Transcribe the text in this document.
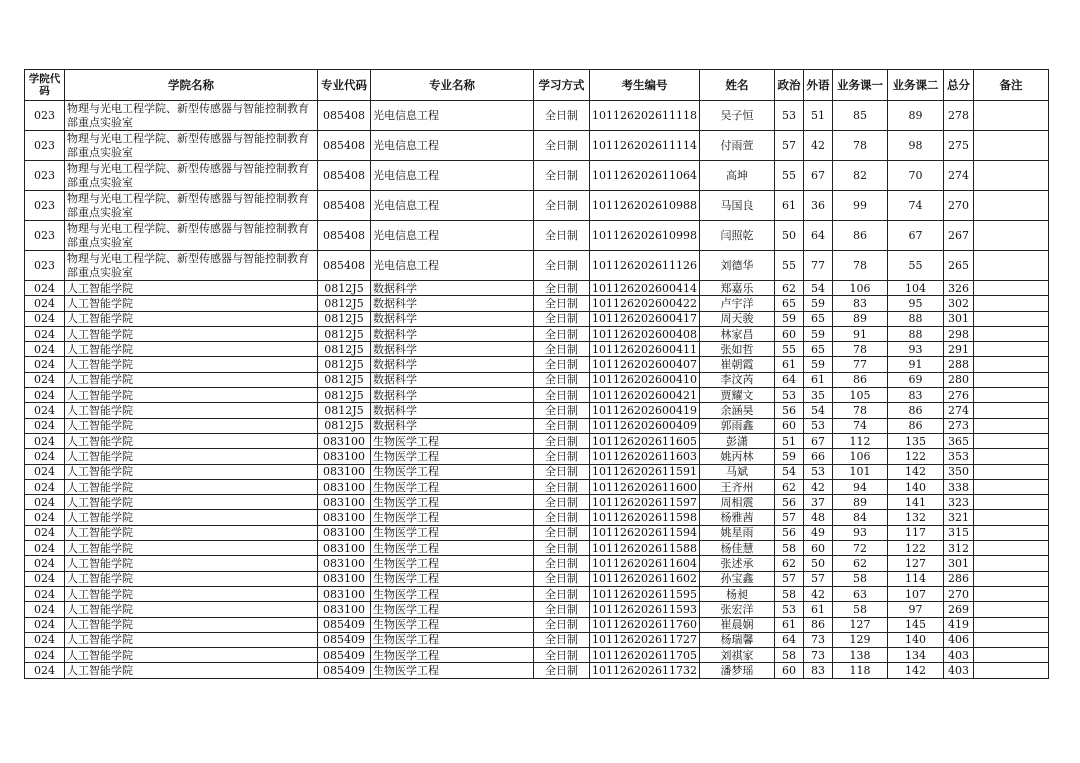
学院代码	学院名称	专业代码	专业名称	学习方式	考生编号	姓名	政治	外语	业务课一	业务课二	总分	备注
023	物理与光电工程学院、新型传感器与智能控制教育部重点实验室	085408	光电信息工程	全日制	101126202611118	吴子恒	53	51	85	89	278	
023	物理与光电工程学院、新型传感器与智能控制教育部重点实验室	085408	光电信息工程	全日制	101126202611114	付雨萱	57	42	78	98	275	
023	物理与光电工程学院、新型传感器与智能控制教育部重点实验室	085408	光电信息工程	全日制	101126202611064	高坤	55	67	82	70	274	
023	物理与光电工程学院、新型传感器与智能控制教育部重点实验室	085408	光电信息工程	全日制	101126202610988	马国良	61	36	99	74	270	
023	物理与光电工程学院、新型传感器与智能控制教育部重点实验室	085408	光电信息工程	全日制	101126202610998	闫照乾	50	64	86	67	267	
023	物理与光电工程学院、新型传感器与智能控制教育部重点实验室	085408	光电信息工程	全日制	101126202611126	刘德华	55	77	78	55	265	
024	人工智能学院	0812J5	数据科学	全日制	101126202600414	郑嘉乐	62	54	106	104	326	
024	人工智能学院	0812J5	数据科学	全日制	101126202600422	卢宇洋	65	59	83	95	302	
024	人工智能学院	0812J5	数据科学	全日制	101126202600417	周天骏	59	65	89	88	301	
024	人工智能学院	0812J5	数据科学	全日制	101126202600408	林家昌	60	59	91	88	298	
024	人工智能学院	0812J5	数据科学	全日制	101126202600411	张如哲	55	65	78	93	291	
024	人工智能学院	0812J5	数据科学	全日制	101126202600407	崔朝霞	61	59	77	91	288	
024	人工智能学院	0812J5	数据科学	全日制	101126202600410	李汶芮	64	61	86	69	280	
024	人工智能学院	0812J5	数据科学	全日制	101126202600421	贾耀文	53	35	105	83	276	
024	人工智能学院	0812J5	数据科学	全日制	101126202600419	余涵昊	56	54	78	86	274	
024	人工智能学院	0812J5	数据科学	全日制	101126202600409	郭雨鑫	60	53	74	86	273	
024	人工智能学院	083100	生物医学工程	全日制	101126202611605	彭潇	51	67	112	135	365	
024	人工智能学院	083100	生物医学工程	全日制	101126202611603	姚丙林	59	66	106	122	353	
024	人工智能学院	083100	生物医学工程	全日制	101126202611591	马斌	54	53	101	142	350	
024	人工智能学院	083100	生物医学工程	全日制	101126202611600	王齐州	62	42	94	140	338	
024	人工智能学院	083100	生物医学工程	全日制	101126202611597	周相震	56	37	89	141	323	
024	人工智能学院	083100	生物医学工程	全日制	101126202611598	杨雅茜	57	48	84	132	321	
024	人工智能学院	083100	生物医学工程	全日制	101126202611594	姚星雨	56	49	93	117	315	
024	人工智能学院	083100	生物医学工程	全日制	101126202611588	杨佳慧	58	60	72	122	312	
024	人工智能学院	083100	生物医学工程	全日制	101126202611604	张述承	62	50	62	127	301	
024	人工智能学院	083100	生物医学工程	全日制	101126202611602	孙宝鑫	57	57	58	114	286	
024	人工智能学院	083100	生物医学工程	全日制	101126202611595	杨昶	58	42	63	107	270	
024	人工智能学院	083100	生物医学工程	全日制	101126202611593	张宏洋	53	61	58	97	269	
024	人工智能学院	085409	生物医学工程	全日制	101126202611760	崔晨娴	61	86	127	145	419	
024	人工智能学院	085409	生物医学工程	全日制	101126202611727	杨瑞馨	64	73	129	140	406	
024	人工智能学院	085409	生物医学工程	全日制	101126202611705	刘祺家	58	73	138	134	403	
024	人工智能学院	085409	生物医学工程	全日制	101126202611732	潘梦瑶	60	83	118	142	403	
